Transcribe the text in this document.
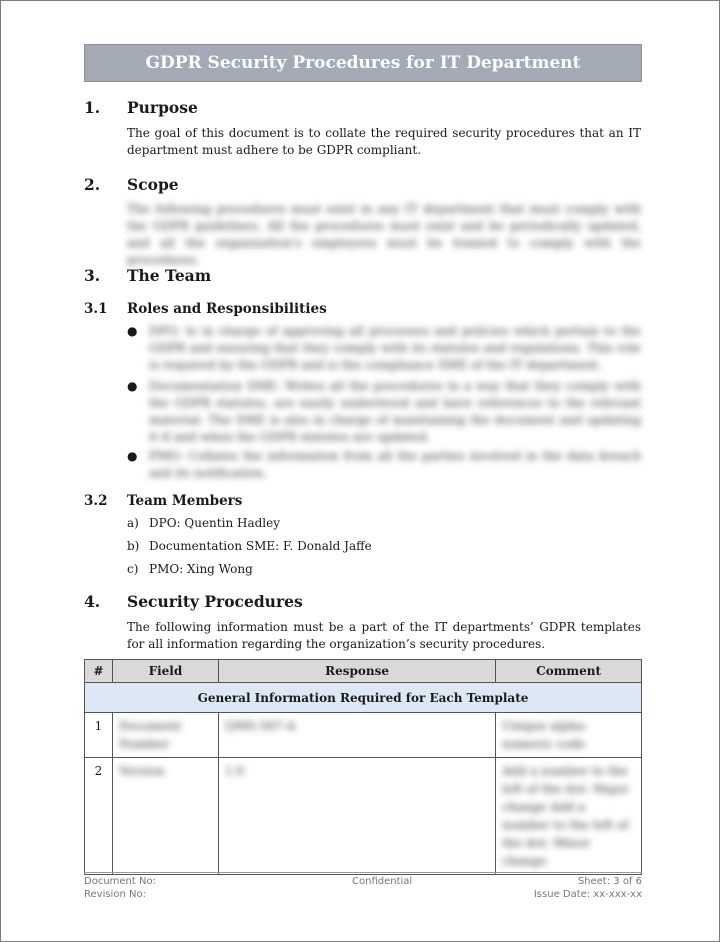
GDPR Security Procedures for IT Department
1.	Purpose
The goal of this document is to collate the required security procedures that an IT department must adhere to be GDPR compliant.
2.	Scope
The following procedures must exist in any IT department that must comply with the GDPR guidelines. All the procedures must exist and be periodically updated, and all the organization's employees must be trained to comply with the procedures.
3.	The Team
3.1	Roles and Responsibilities
● DPO: Is in charge of approving all processes and policies which pertain to the GDPR and ensuring that they comply with its statutes and regulations. This role is required by the GDPR and is the compliance SME of the IT department.
● Documentation SME: Writes all the procedures in a way that they comply with the GDPR statutes, are easily understood and have references to the relevant material. The SME is also in charge of maintaining the document and updating it if and when the GDPR statutes are updated.
● PMO: Collates the information from all the parties involved in the data breach and its notification.
3.2	Team Members
a) DPO: Quentin Hadley
b) Documentation SME: F. Donald Jaffe
c) PMO: Xing Wong
4.	Security Procedures
The following information must be a part of the IT departments’ GDPR templates for all information regarding the organization’s security procedures.
#	Field	Response	Comment
General Information Required for Each Template			
1	Document Number	QMS-567-A	Unique alpha-numeric code
2	Version	1.0	Add a number to the left of the dot: Major change Add a number to the left of the dot: Minor change
Document No:	Sheet: 3 of 6
Confidential
Revision No:	Issue Date: xx-xxx-xx
